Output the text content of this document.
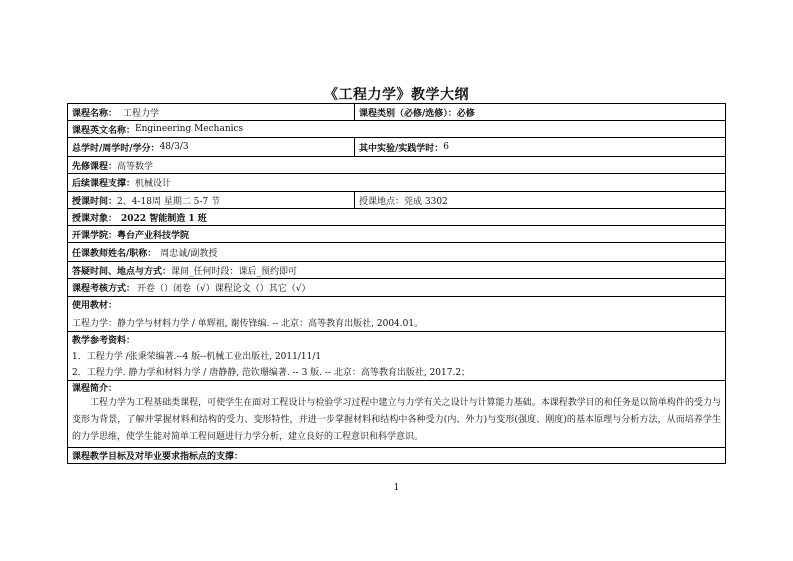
《工程力学》教学大纲
课程名称： 工程力学	课程类别（必修/选修）： 必修
课程英文名称： Engineering Mechanics
总学时/周学时/学分： 48/3/3	其中实验/实践学时： 6
先修课程： 高等数学
后续课程支撑： 机械设计
授课时间： 2、4-18周 星期二 5-7 节	授课地点： 莞成 3302
授课对象： 2022 智能制造 1 班
开课学院： 粤台产业科技学院
任课教师姓名/职称： 周忠诚/副教授
答疑时间、地点与方式： 课间_任何时段：课后_预约即可
课程考核方式： 开卷（）闭卷（√）课程论文（）其它（√）
使用教材：
工程力学：静力学与材料力学 / 单辉祖, 谢传锋编. -- 北京：高等教育出版社, 2004.01。
教学参考资料：
1．工程力学 /张秉荣编著.--4 版--机械工业出版社, 2011/11/1
2．工程力学. 静力学和材料力学 / 唐静静, 范钦珊编著. -- 3 版. -- 北京：高等教育出版社, 2017.2；
课程简介：
工程力学为工程基础类课程，可使学生在面对工程设计与检验学习过程中建立与力学有关之设计与计算能力基础。本课程教学目的和任务是以简单构件的受力与变形为背景，了解并掌握材料和结构的受力、变形特性，并进一步掌握材料和结构中各种受力(内、外力)与变形(强度、刚度)的基本原理与分析方法，从而培养学生的力学思维，使学生能对简单工程问题进行力学分析，建立良好的工程意识和科学意识。
课程教学目标及对毕业要求指标点的支撑：
1
